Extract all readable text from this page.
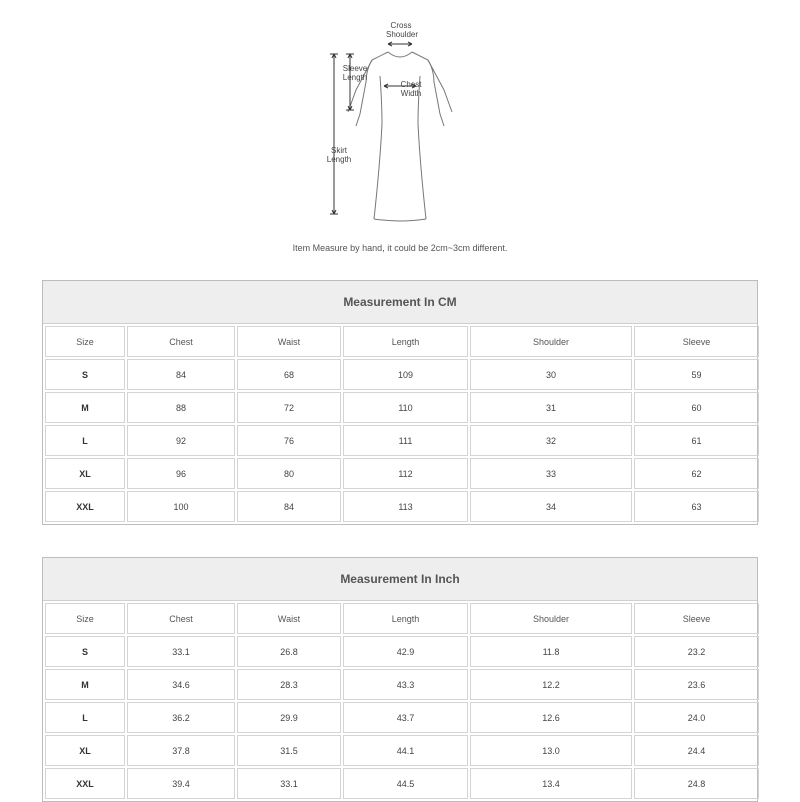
Cross
Shoulder
Sleeve
Length
Chest
Width
Skirt
Length
Item Measure by hand, it could be 2cm~3cm different.
Measurement In CM
Size	Chest	Waist	Length	Shoulder	Sleeve
S	84	68	109	30	59
M	88	72	110	31	60
L	92	76	111	32	61
XL	96	80	112	33	62
XXL	100	84	113	34	63
Measurement In Inch
Size	Chest	Waist	Length	Shoulder	Sleeve
S	33.1	26.8	42.9	11.8	23.2
M	34.6	28.3	43.3	12.2	23.6
L	36.2	29.9	43.7	12.6	24.0
XL	37.8	31.5	44.1	13.0	24.4
XXL	39.4	33.1	44.5	13.4	24.8
